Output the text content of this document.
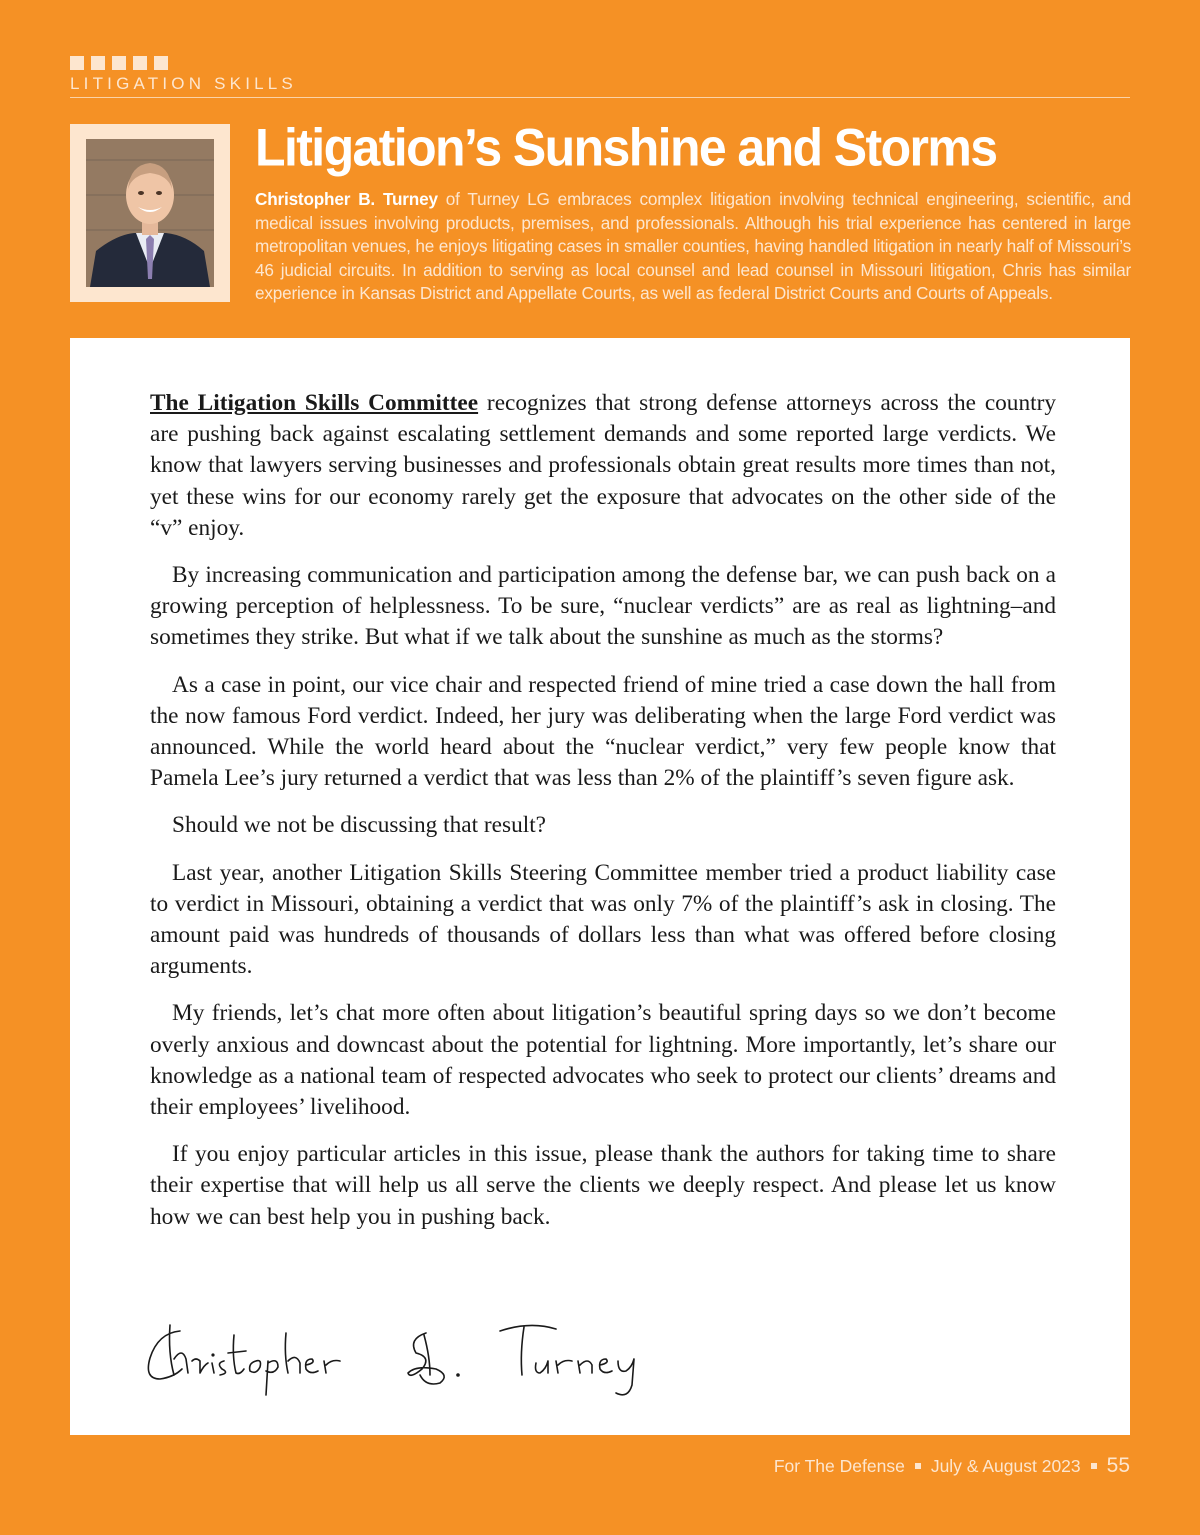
LITIGATION SKILLS
Litigation’s Sunshine and Storms

Christopher B. Turney of Turney LG embraces complex litigation involving technical engineering, scientific, and medical issues involving products, premises, and professionals. Although his trial experience has centered in large metropolitan venues, he enjoys litigating cases in smaller counties, having handled litigation in nearly half of Missouri’s 46 judicial circuits. In addition to serving as local counsel and lead counsel in Missouri litigation, Chris has similar experience in Kansas District and Appellate Courts, as well as federal District Courts and Courts of Appeals.

The Litigation Skills Committee recognizes that strong defense attorneys across the country are pushing back against escalating settlement demands and some reported large verdicts. We know that lawyers serving businesses and professionals obtain great results more times than not, yet these wins for our economy rarely get the exposure that advocates on the other side of the “v” enjoy.

By increasing communication and participation among the defense bar, we can push back on a growing perception of helplessness. To be sure, “nuclear verdicts” are as real as lightning–and sometimes they strike. But what if we talk about the sunshine as much as the storms?

As a case in point, our vice chair and respected friend of mine tried a case down the hall from the now famous Ford verdict. Indeed, her jury was deliberating when the large Ford verdict was announced. While the world heard about the “nuclear verdict,” very few people know that Pamela Lee’s jury returned a verdict that was less than 2% of the plaintiff’s seven figure ask.

Should we not be discussing that result?

Last year, another Litigation Skills Steering Committee member tried a product liability case to verdict in Missouri, obtaining a verdict that was only 7% of the plaintiff’s ask in closing. The amount paid was hundreds of thousands of dollars less than what was offered before closing arguments.

My friends, let’s chat more often about litigation’s beautiful spring days so we don’t become overly anxious and downcast about the potential for lightning. More importantly, let’s share our knowledge as a national team of respected advocates who seek to protect our clients’ dreams and their employees’ livelihood.

If you enjoy particular articles in this issue, please thank the authors for taking time to share their expertise that will help us all serve the clients we deeply respect. And please let us know how we can best help you in pushing back.

For The Defense July & August 2023 55
